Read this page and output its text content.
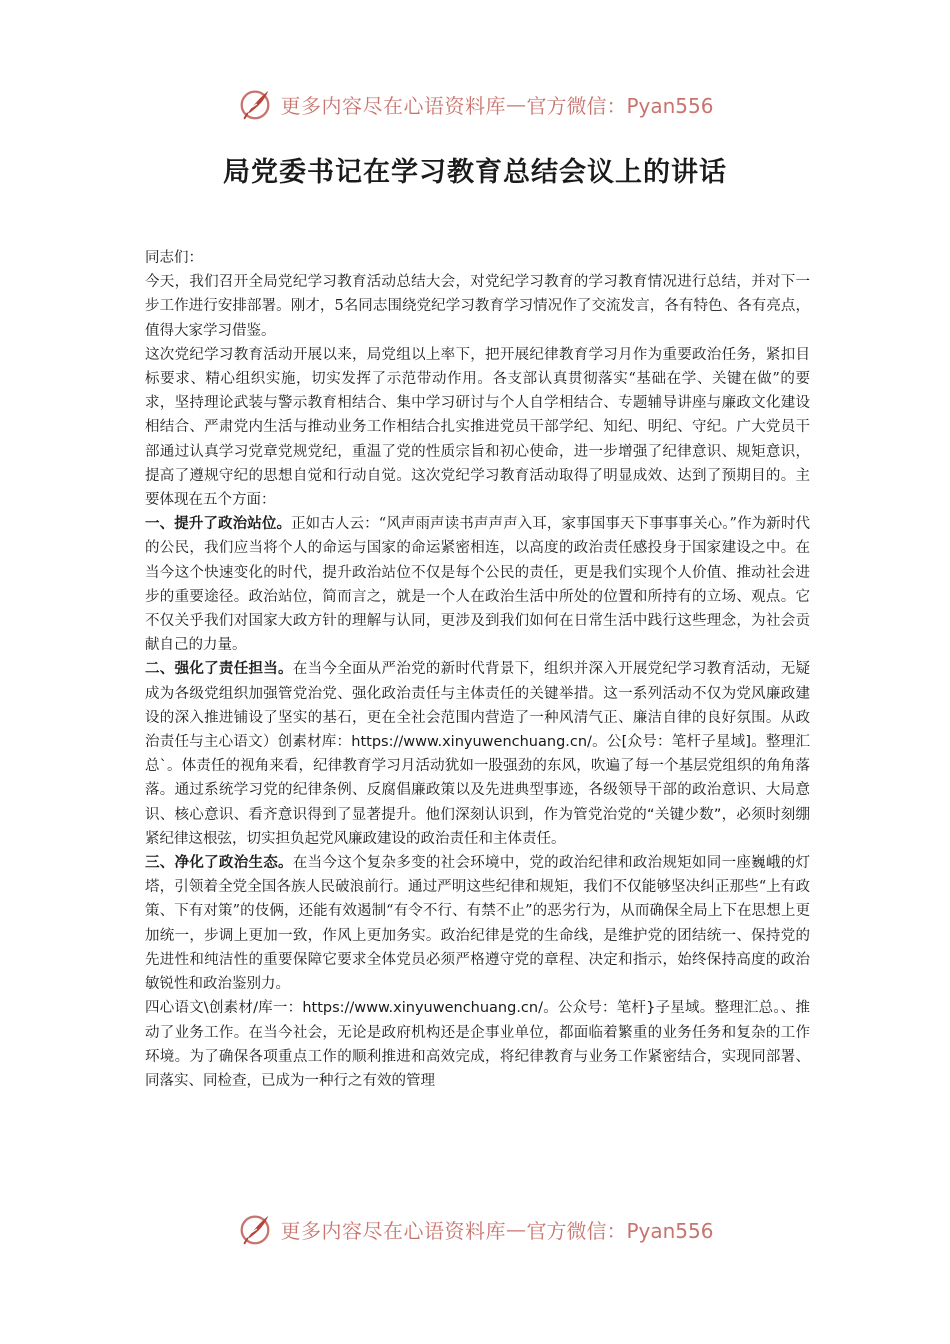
更多内容尽在心语资料库 — 官方微信：Pyan556
局党委书记在学习教育总结会议上的讲话

同志们：

今天，我们召开全局党纪学习教育活动总结大会，对党纪学习教育的学习教育情况进行总结，并对下一步工作进行安排部署。刚才，5名同志围绕党纪学习教育学习情况作了交流发言，各有特色、各有亮点，值得大家学习借鉴。

这次党纪学习教育活动开展以来，局党组以上率下，把开展纪律教育学习月作为重要政治任务，紧扣目标要求、精心组织实施，切实发挥了示范带动作用。各支部认真贯彻落实“基础在学、关键在做”的要求，坚持理论武装与警示教育相结合、集中学习研讨与个人自学相结合、专题辅导讲座与廉政文化建设相结合、严肃党内生活与推动业务工作相结合扎实推进党员干部学纪、知纪、明纪、守纪。广大党员干部通过认真学习党章党规党纪，重温了党的性质宗旨和初心使命，进一步增强了纪律意识、规矩意识，提高了遵规守纪的思想自觉和行动自觉。这次党纪学习教育活动取得了明显成效、达到了预期目的。主要体现在五个方面：

一、提升了政治站位。正如古人云：“风声雨声读书声声声入耳，家事国事天下事事事关心。”作为新时代的公民，我们应当将个人的命运与国家的命运紧密相连，以高度的政治责任感投身于国家建设之中。在当今这个快速变化的时代，提升政治站位不仅是每个公民的责任，更是我们实现个人价值、推动社会进步的重要途径。政治站位，简而言之，就是一个人在政治生活中所处的位置和所持有的立场、观点。它不仅关乎我们对国家大政方针的理解与认同，更涉及到我们如何在日常生活中践行这些理念，为社会贡献自己的力量。

二、强化了责任担当。在当今全面从严治党的新时代背景下，组织并深入开展党纪学习教育活动，无疑成为各级党组织加强管党治党、强化政治责任与主体责任的关键举措。这一系列活动不仅为党风廉政建设的深入推进铺设了坚实的基石，更在全社会范围内营造了一种风清气正、廉洁自律的良好氛围。从政治责任与主心语文）创素材库：https://www.xinyuwenchuang.cn/。公[众号：笔杆子星域]。整理汇总`。体责任的视角来看，纪律教育学习月活动犹如一股强劲的东风，吹遍了每一个基层党组织的角角落落。通过系统学习党的纪律条例、反腐倡廉政策以及先进典型事迹，各级领导干部的政治意识、大局意识、核心意识、看齐意识得到了显著提升。他们深刻认识到，作为管党治党的“关键少数”，必须时刻绷紧纪律这根弦，切实担负起党风廉政建设的政治责任和主体责任。

三、净化了政治生态。在当今这个复杂多变的社会环境中，党的政治纪律和政治规矩如同一座巍峨的灯塔，引领着全党全国各族人民破浪前行。通过严明这些纪律和规矩，我们不仅能够坚决纠正那些“上有政策、下有对策”的伎俩，还能有效遏制“有令不行、有禁不止”的恶劣行为，从而确保全局上下在思想上更加统一，步调上更加一致，作风上更加务实。政治纪律是党的生命线，是维护党的团结统一、保持党的先进性和纯洁性的重要保障它要求全体党员必须严格遵守党的章程、决定和指示，始终保持高度的政治敏锐性和政治鉴别力。

四心语文\创素材/库一：https://www.xinyuwenchuang.cn/。公众号：笔杆}子星域。整理汇总。、推动了业务工作。在当今社会，无论是政府机构还是企事业单位，都面临着繁重的业务任务和复杂的工作环境。为了确保各项重点工作的顺利推进和高效完成，将纪律教育与业务工作紧密结合，实现同部署、同落实、同检查，已成为一种行之有效的管理

更多内容尽在心语资料库 — 官方微信：Pyan556
